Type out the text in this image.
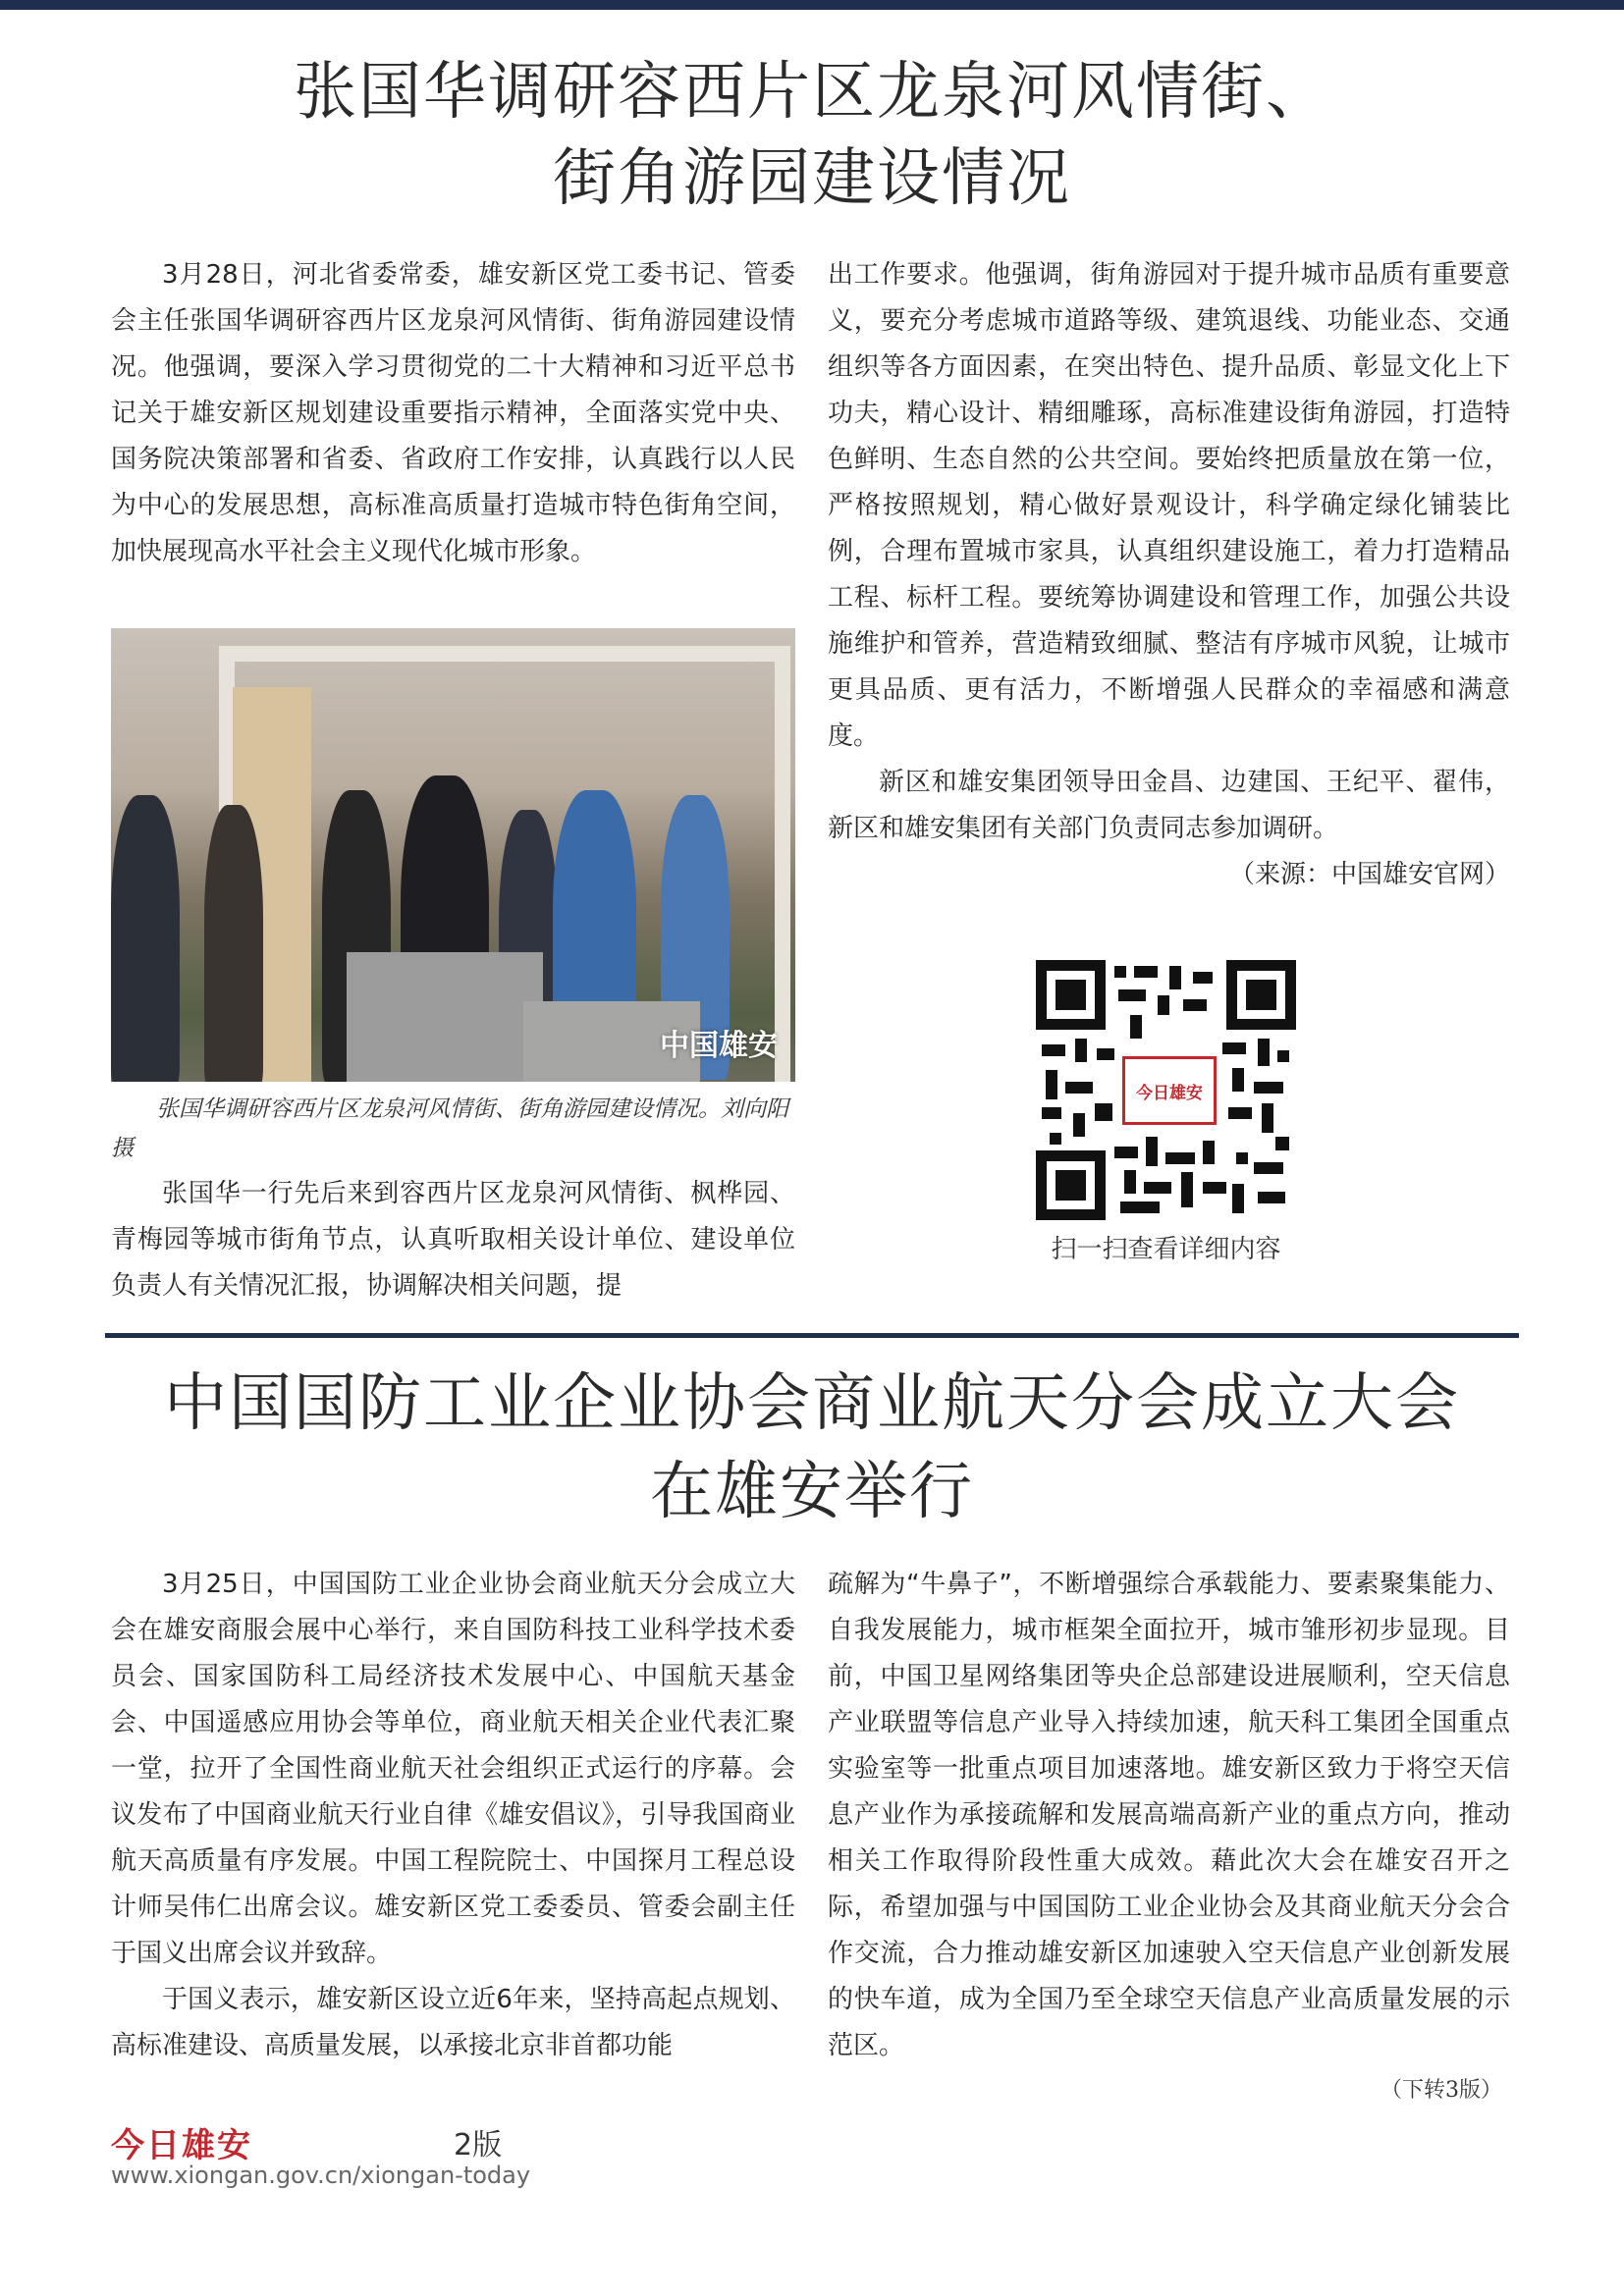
张国华调研容西片区龙泉河风情街、
街角游园建设情况

3月28日，河北省委常委，雄安新区党工委书记、管委会主任张国华调研容西片区龙泉河风情街、街角游园建设情况。他强调，要深入学习贯彻党的二十大精神和习近平总书记关于雄安新区规划建设重要指示精神，全面落实党中央、国务院决策部署和省委、省政府工作安排，认真践行以人民为中心的发展思想，高标准高质量打造城市特色街角空间，加快展现高水平社会主义现代化城市形象。

中国雄安
张国华调研容西片区龙泉河风情街、街角游园建设情况。刘向阳 摄

张国华一行先后来到容西片区龙泉河风情街、枫桦园、青梅园等城市街角节点，认真听取相关设计单位、建设单位负责人有关情况汇报，协调解决相关问题，提

出工作要求。他强调，街角游园对于提升城市品质有重要意义，要充分考虑城市道路等级、建筑退线、功能业态、交通组织等各方面因素，在突出特色、提升品质、彰显文化上下功夫，精心设计、精细雕琢，高标准建设街角游园，打造特色鲜明、生态自然的公共空间。要始终把质量放在第一位，严格按照规划，精心做好景观设计，科学确定绿化铺装比例，合理布置城市家具，认真组织建设施工，着力打造精品工程、标杆工程。要统筹协调建设和管理工作，加强公共设施维护和管养，营造精致细腻、整洁有序城市风貌，让城市更具品质、更有活力，不断增强人民群众的幸福感和满意度。

新区和雄安集团领导田金昌、边建国、王纪平、翟伟，新区和雄安集团有关部门负责同志参加调研。

（来源：中国雄安官网）
今日雄安
扫一扫查看详细内容
中国国防工业企业协会商业航天分会成立大会
在雄安举行

3月25日，中国国防工业企业协会商业航天分会成立大会在雄安商服会展中心举行，来自国防科技工业科学技术委员会、国家国防科工局经济技术发展中心、中国航天基金会、中国遥感应用协会等单位，商业航天相关企业代表汇聚一堂，拉开了全国性商业航天社会组织正式运行的序幕。会议发布了中国商业航天行业自律《雄安倡议》，引导我国商业航天高质量有序发展。中国工程院院士、中国探月工程总设计师吴伟仁出席会议。雄安新区党工委委员、管委会副主任于国义出席会议并致辞。

于国义表示，雄安新区设立近6年来，坚持高起点规划、高标准建设、高质量发展，以承接北京非首都功能

疏解为“牛鼻子”，不断增强综合承载能力、要素聚集能力、自我发展能力，城市框架全面拉开，城市雏形初步显现。目前，中国卫星网络集团等央企总部建设进展顺利，空天信息产业联盟等信息产业导入持续加速，航天科工集团全国重点实验室等一批重点项目加速落地。雄安新区致力于将空天信息产业作为承接疏解和发展高端高新产业的重点方向，推动相关工作取得阶段性重大成效。藉此次大会在雄安召开之际，希望加强与中国国防工业企业协会及其商业航天分会合作交流，合力推动雄安新区加速驶入空天信息产业创新发展的快车道，成为全国乃至全球空天信息产业高质量发展的示范区。

（下转3版）
今日雄安	2版
www.xiongan.gov.cn/xiongan-today
